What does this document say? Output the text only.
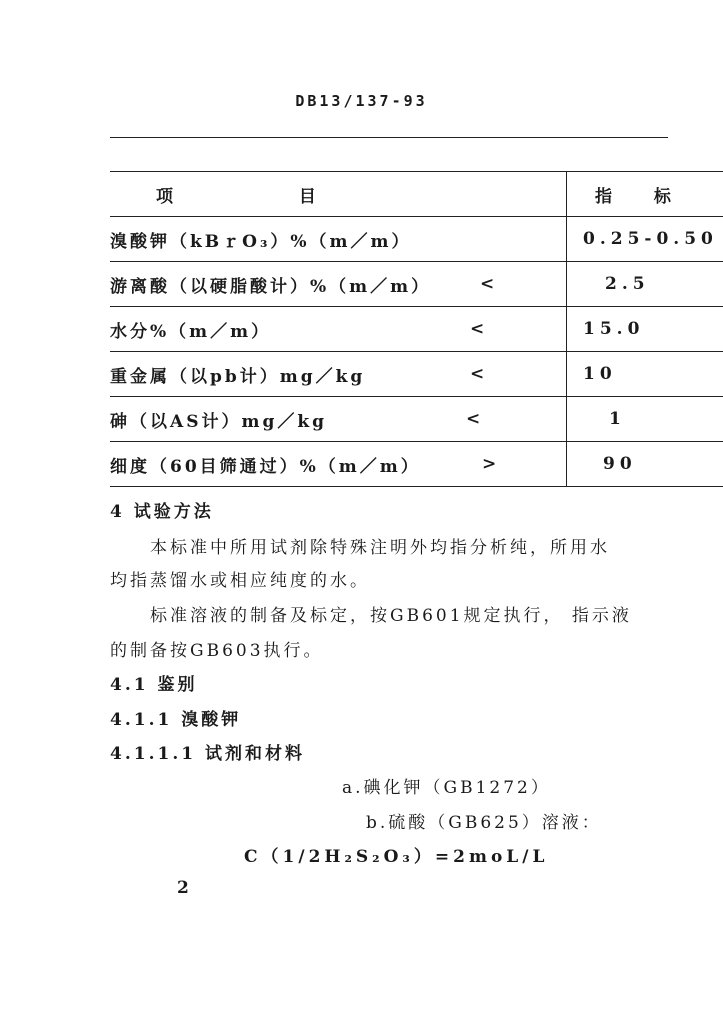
DB13/137-93
项 目	指 标
溴酸钾（kBｒO₃）%（m／m）	0.25-0.50
游离酸（以硬脂酸计）%（m／m） <	2.5
水分%（m／m） <	15.0
重金属（以pb计）mg／kg <	10
砷（以AS计）mg／kg <	1
细度（60目筛通过）%（m／m） >	90
4 试验方法
本标准中所用试剂除特殊注明外均指分析纯，所用水
均指蒸馏水或相应纯度的水。
标准溶液的制备及标定，按GB601规定执行， 指示液
的制备按GB603执行。
4.1 鉴别
4.1.1 溴酸钾
4.1.1.1 试剂和材料
a.碘化钾（GB1272）
b.硫酸（GB625）溶液：
C（1/2H₂S₂O₃）=2moL/L
2
